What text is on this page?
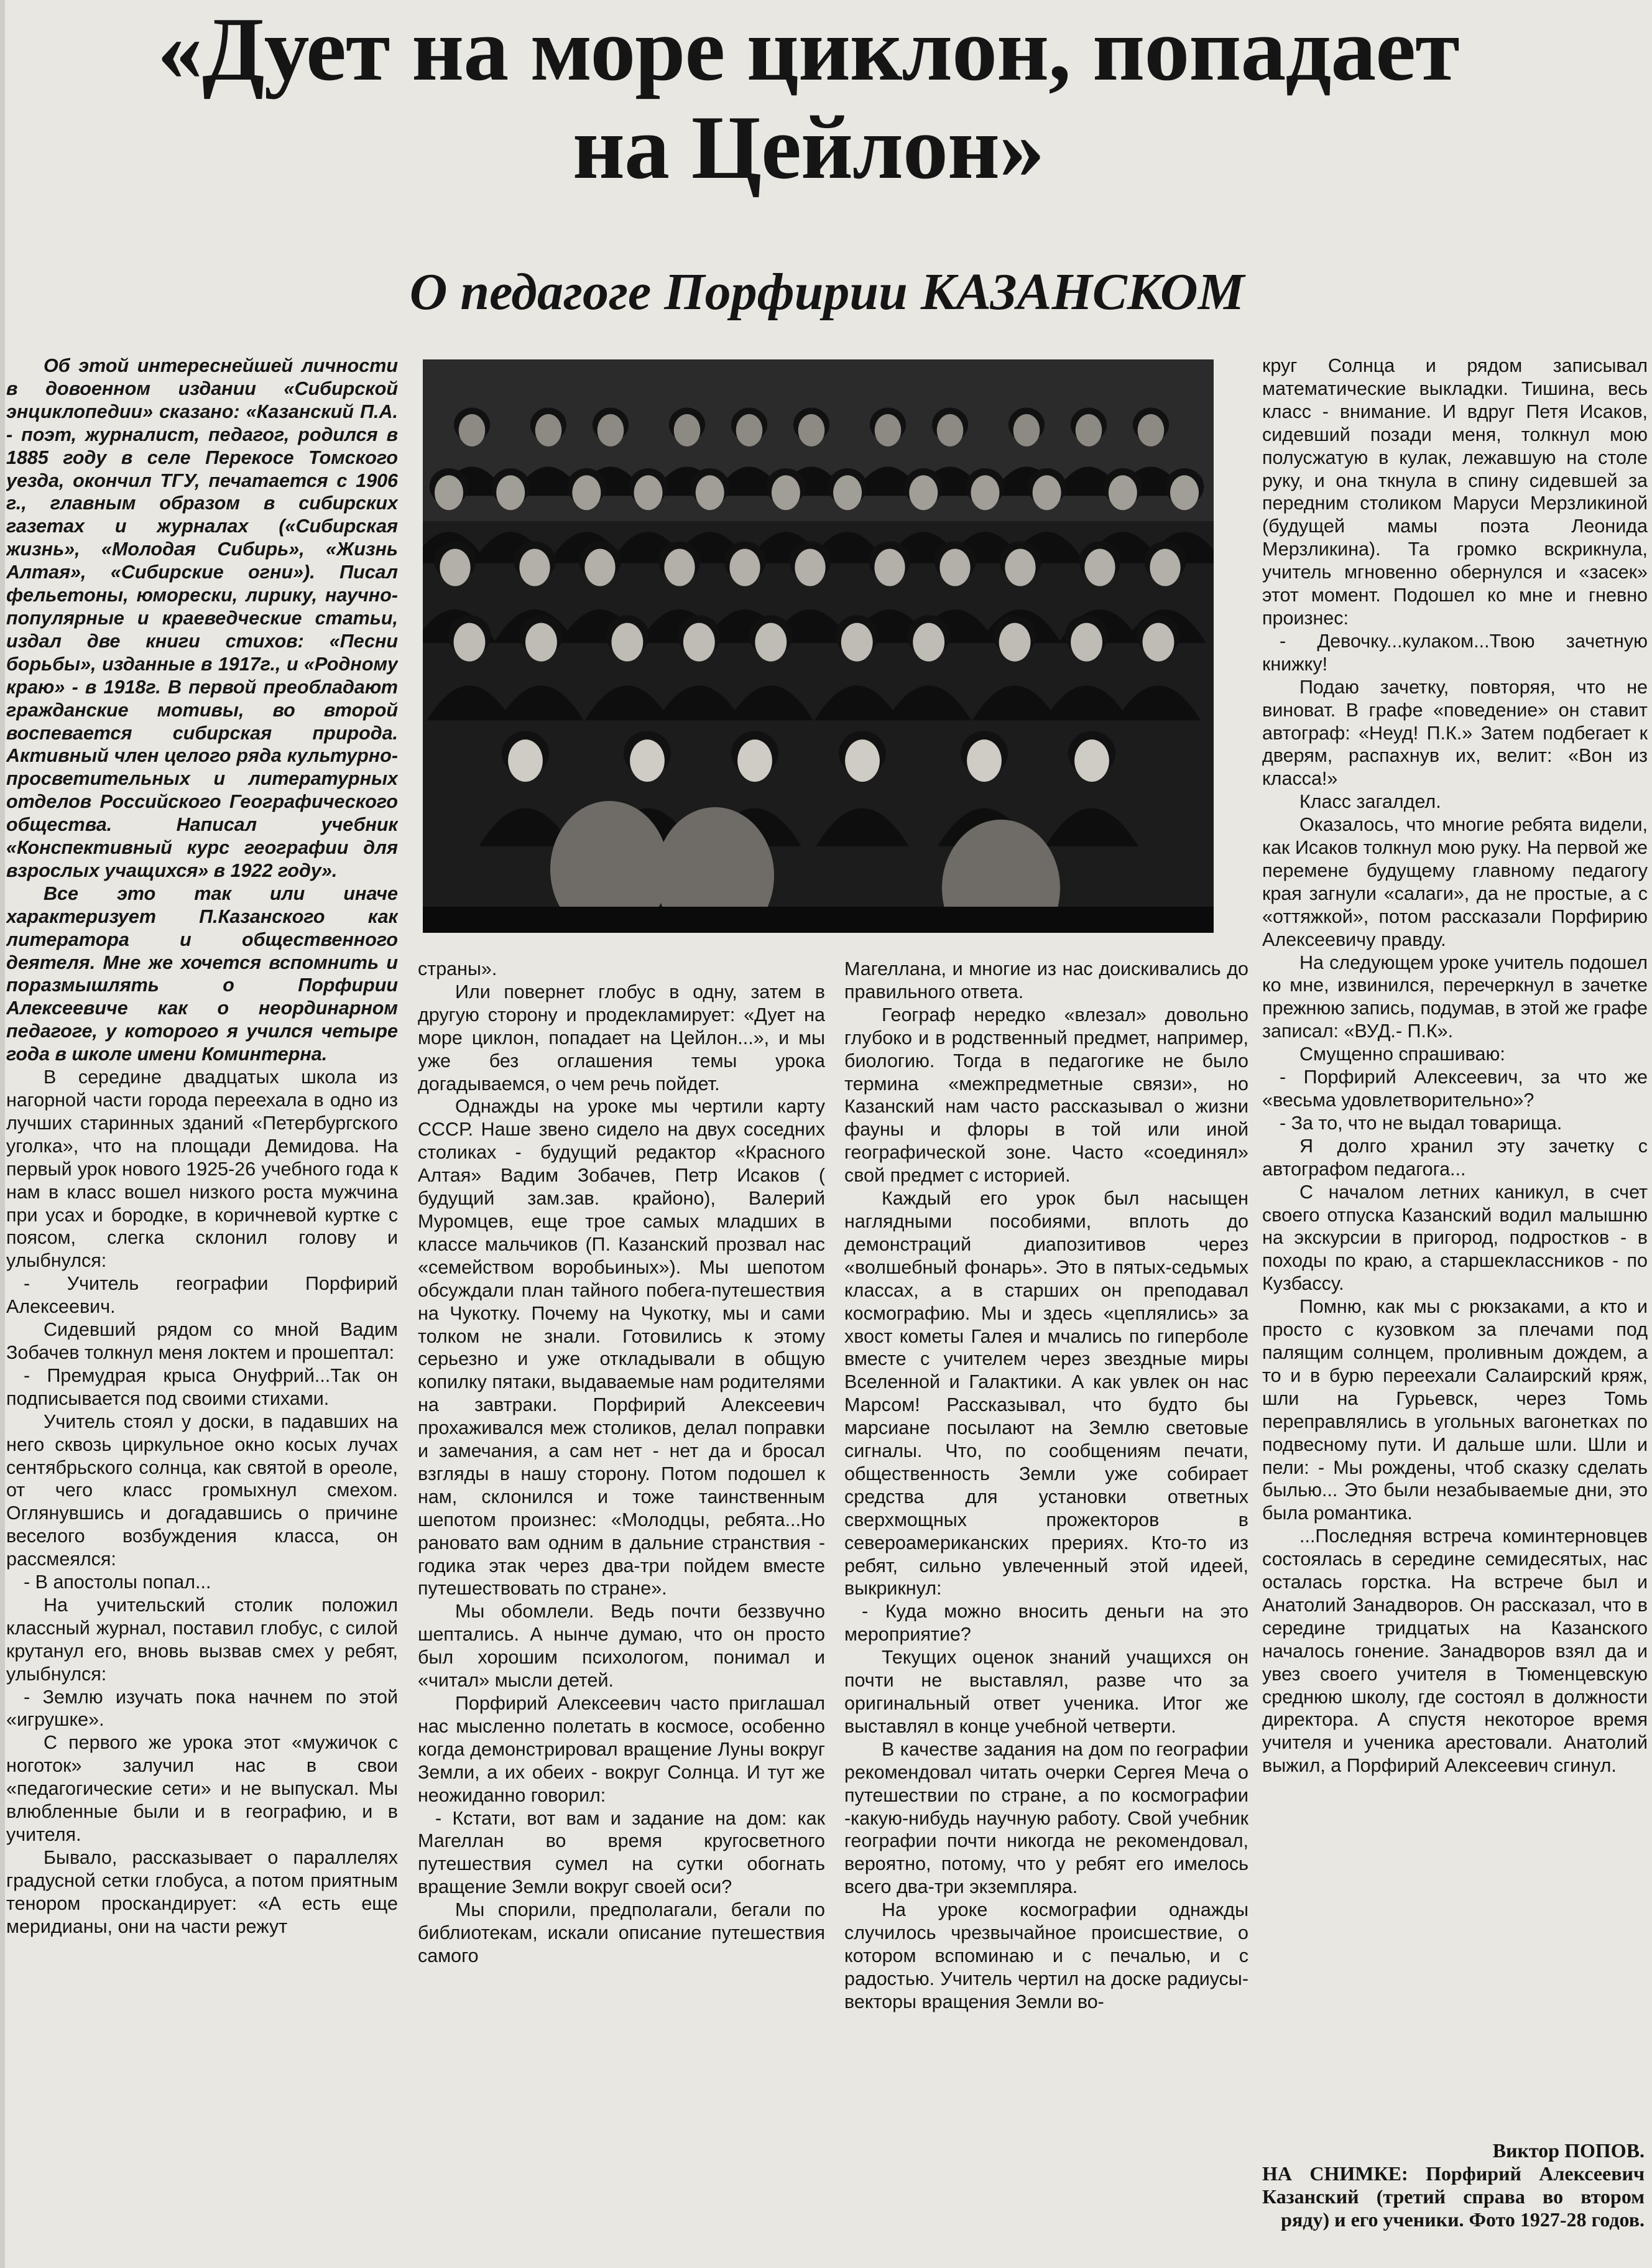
«Дует на море циклон, попадает на Цейлон»
О педагоге Порфирии КАЗАНСКОМ

Об этой интереснейшей личности в довоенном издании «Сибирской энциклопедии» сказано: «Казанский П.А. - поэт, журналист, педагог, родился в 1885 году в селе Перекосе Томского уезда, окончил ТГУ, печатается с 1906 г., главным образом в сибирских газетах и журналах («Сибирская жизнь», «Молодая Сибирь», «Жизнь Алтая», «Сибирские огни»). Писал фельетоны, юморески, лирику, научно-популярные и краеведческие статьи, издал две книги стихов: «Песни борьбы», изданные в 1917г., и «Родному краю» - в 1918г. В первой преобладают гражданские мотивы, во второй воспевается сибирская природа. Активный член целого ряда культурно-просветительных и литературных отделов Российского Географического общества. Написал учебник «Конспективный курс географии для взрослых учащихся» в 1922 году».

Все это так или иначе характеризует П.Казанского как литератора и общественного деятеля. Мне же хочется вспомнить и поразмышлять о Порфирии Алексеевиче как о неординарном педагоге, у которого я учился четыре года в школе имени Коминтерна.

В середине двадцатых школа из нагорной части города переехала в одно из лучших старинных зданий «Петербургского уголка», что на площади Демидова. На первый урок нового 1925-26 учебного года к нам в класс вошел низкого роста мужчина при усах и бородке, в коричневой куртке с поясом, слегка склонил голову и улыбнулся:

- Учитель географии Порфирий Алексеевич.

Сидевший рядом со мной Вадим Зобачев толкнул меня локтем и прошептал:

- Премудрая крыса Онуфрий...Так он подписывается под своими стихами.

Учитель стоял у доски, в падавших на него сквозь циркульное окно косых лучах сентябрьского солнца, как святой в ореоле, от чего класс громыхнул смехом. Оглянувшись и догадавшись о причине веселого возбуждения класса, он рассмеялся:

- В апостолы попал...

На учительский столик положил классный журнал, поставил глобус, с силой крутанул его, вновь вызвав смех у ребят, улыбнулся:

- Землю изучать пока начнем по этой «игрушке».

С первого же урока этот «мужичок с ноготок» залучил нас в свои «педагогические сети» и не выпускал. Мы влюбленные были и в географию, и в учителя.

Бывало, рассказывает о параллелях градусной сетки глобуса, а потом приятным тенором проскандирует: «А есть еще меридианы, они на части режут

страны».

Или повернет глобус в одну, затем в другую сторону и продекламирует: «Дует на море циклон, попадает на Цейлон...», и мы уже без оглашения темы урока догадываемся, о чем речь пойдет.

Однажды на уроке мы чертили карту СССР. Наше звено сидело на двух соседних столиках - будущий редактор «Красного Алтая» Вадим Зобачев, Петр Исаков ( будущий зам.зав. крайоно), Валерий Муромцев, еще трое самых младших в классе мальчиков (П. Казанский прозвал нас «семейством воробьиных»). Мы шепотом обсуждали план тайного побега-путешествия на Чукотку. Почему на Чукотку, мы и сами толком не знали. Готовились к этому серьезно и уже откладывали в общую копилку пятаки, выдаваемые нам родителями на завтраки. Порфирий Алексеевич прохаживался меж столиков, делал поправки и замечания, а сам нет - нет да и бросал взгляды в нашу сторону. Потом подошел к нам, склонился и тоже таинственным шепотом произнес: «Молодцы, ребята...Но рановато вам одним в дальние странствия - годика этак через два-три пойдем вместе путешествовать по стране».

Мы обомлели. Ведь почти беззвучно шептались. А нынче думаю, что он просто был хорошим психологом, понимал и «читал» мысли детей.

Порфирий Алексеевич часто приглашал нас мысленно полетать в космосе, особенно когда демонстрировал вращение Луны вокруг Земли, а их обеих - вокруг Солнца. И тут же неожиданно говорил:

- Кстати, вот вам и задание на дом: как Магеллан во время кругосветного путешествия сумел на сутки обогнать вращение Земли вокруг своей оси?

Мы спорили, предполагали, бегали по библиотекам, искали описание путешествия самого

Магеллана, и многие из нас доискивались до правильного ответа.

Географ нередко «влезал» довольно глубоко и в родственный предмет, например, биологию. Тогда в педагогике не было термина «межпредметные связи», но Казанский нам часто рассказывал о жизни фауны и флоры в той или иной географической зоне. Часто «соединял» свой предмет с историей.

Каждый его урок был насыщен наглядными пособиями, вплоть до демонстраций диапозитивов через «волшебный фонарь». Это в пятых-седьмых классах, а в старших он преподавал космографию. Мы и здесь «цеплялись» за хвост кометы Галея и мчались по гиперболе вместе с учителем через звездные миры Вселенной и Галактики. А как увлек он нас Марсом! Рассказывал, что будто бы марсиане посылают на Землю световые сигналы. Что, по сообщениям печати, общественность Земли уже собирает средства для установки ответных сверхмощных прожекторов в североамериканских прериях. Кто-то из ребят, сильно увлеченный этой идеей, выкрикнул:

- Куда можно вносить деньги на это мероприятие?

Текущих оценок знаний учащихся он почти не выставлял, разве что за оригинальный ответ ученика. Итог же выставлял в конце учебной четверти.

В качестве задания на дом по географии рекомендовал читать очерки Сергея Меча о путешествии по стране, а по космографии -какую-нибудь научную работу. Свой учебник географии почти никогда не рекомендовал, вероятно, потому, что у ребят его имелось всего два-три экземпляра.

На уроке космографии однажды случилось чрезвычайное происшествие, о котором вспоминаю и с печалью, и с радостью. Учитель чертил на доске радиусы-векторы вращения Земли во-

круг Солнца и рядом записывал математические выкладки. Тишина, весь класс - внимание. И вдруг Петя Исаков, сидевший позади меня, толкнул мою полусжатую в кулак, лежавшую на столе руку, и она ткнула в спину сидевшей за передним столиком Маруси Мерзликиной (будущей мамы поэта Леонида Мерзликина). Та громко вскрикнула, учитель мгновенно обернулся и «засек» этот момент. Подошел ко мне и гневно произнес:

- Девочку...кулаком...Твою зачетную книжку!

Подаю зачетку, повторяя, что не виноват. В графе «поведение» он ставит автограф: «Неуд! П.К.» Затем подбегает к дверям, распахнув их, велит: «Вон из класса!»

Класс загалдел.

Оказалось, что многие ребята видели, как Исаков толкнул мою руку. На первой же перемене будущему главному педагогу края загнули «салаги», да не простые, а с «оттяжкой», потом рассказали Порфирию Алексеевичу правду.

На следующем уроке учитель подошел ко мне, извинился, перечеркнул в зачетке прежнюю запись, подумав, в этой же графе записал: «ВУД.- П.К».

Смущенно спрашиваю:

- Порфирий Алексеевич, за что же «весьма удовлетворительно»?

- За то, что не выдал товарища.

Я долго хранил эту зачетку с автографом педагога...

С началом летних каникул, в счет своего отпуска Казанский водил малышню на экскурсии в пригород, подростков - в походы по краю, а старшеклассников - по Кузбассу.

Помню, как мы с рюкзаками, а кто и просто с кузовком за плечами под палящим солнцем, проливным дождем, а то и в бурю переехали Салаирский кряж, шли на Гурьевск, через Томь переправлялись в угольных вагонетках по подвесному пути. И дальше шли. Шли и пели: - Мы рождены, чтоб сказку сделать былью... Это были незабываемые дни, это была романтика.

...Последняя встреча коминтерновцев состоялась в середине семидесятых, нас осталась горстка. На встрече был и Анатолий Занадворов. Он рассказал, что в середине тридцатых на Казанского началось гонение. Занадворов взял да и увез своего учителя в Тюменцевскую среднюю школу, где состоял в должности директора. А спустя некоторое время учителя и ученика арестовали. Анатолий выжил, а Порфирий Алексеевич сгинул.

Виктор ПОПОВ.
НА СНИМКЕ: Порфирий Алексеевич Казанский (третий справа во втором ряду) и его ученики. Фото 1927-28 годов.
